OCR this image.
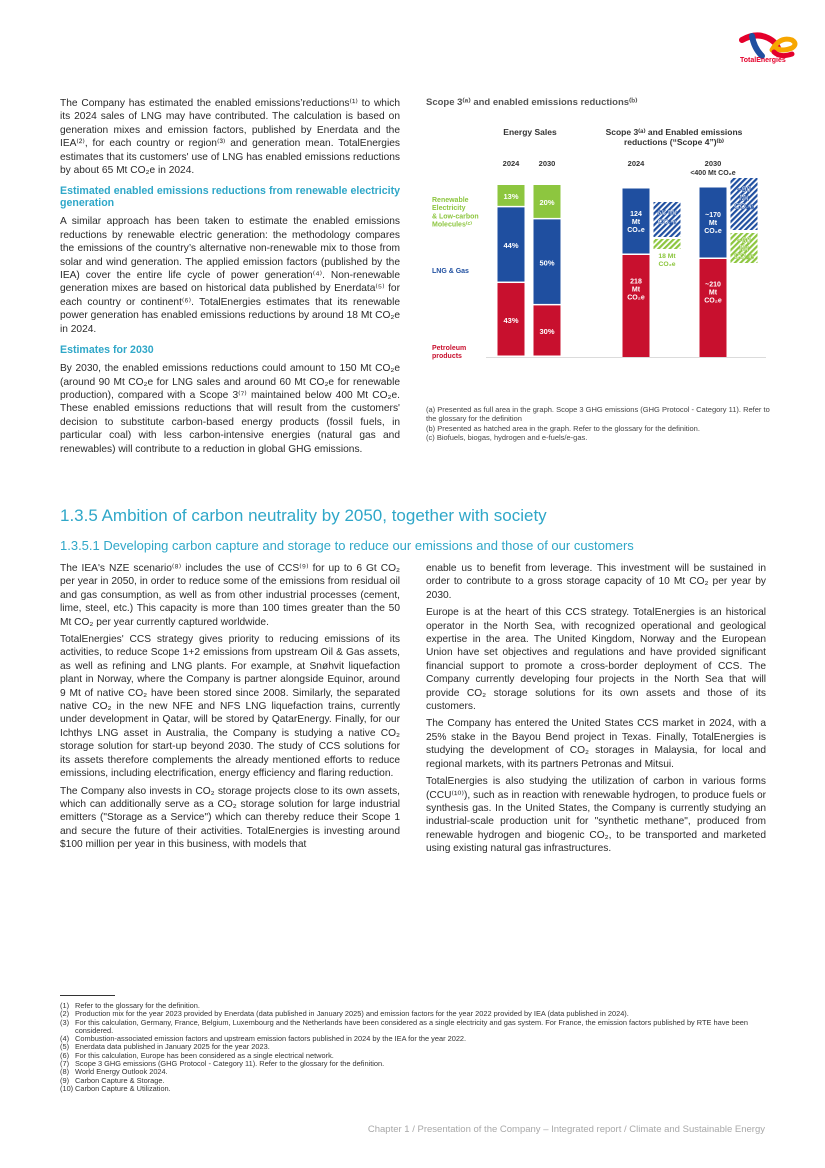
TotalEnergies

The Company has estimated the enabled emissions’reductions⁽¹⁾ to which its 2024 sales of LNG may have contributed. The calculation is based on generation mixes and emission factors, published by Enerdata and the IEA⁽²⁾, for each country or region⁽³⁾ and generation mean. TotalEnergies estimates that its customers' use of LNG has enabled emissions reductions by about 65 Mt CO₂e in 2024.

Estimated enabled emissions reductions from renewable electricity generation

A similar approach has been taken to estimate the enabled emissions reductions by renewable electric generation: the methodology compares the emissions of the country’s alternative non-renewable mix to those from solar and wind generation. The applied emission factors (published by the IEA) cover the entire life cycle of power generation⁽⁴⁾. Non-renewable generation mixes are based on historical data published by Enerdata⁽⁵⁾ for each country or continent⁽⁶⁾. TotalEnergies estimates that its renewable power generation has enabled emissions reductions by around 18 Mt CO₂e in 2024.

Estimates for 2030

By 2030, the enabled emissions reductions could amount to 150 Mt CO₂e (around 90 Mt CO₂e for LNG sales and around 60 Mt CO₂e for renewable production), compared with a Scope 3⁽⁷⁾ maintained below 400 Mt CO₂e. These enabled emissions reductions that will result from the customers' decision to substitute carbon-based energy products (fossil fuels, in particular coal) with less carbon-intensive energies (natural gas and renewables) will contribute to a reduction in global GHG emissions.

Scope 3⁽ᵃ⁾ and enabled emissions reductions⁽ᵇ⁾
Energy Sales	Scope 3⁽ᵃ⁾ and Enabled emissions reductions (“Scope 4”)⁽ᵇ⁾
2024	2030	2024	2030
<400 Mt CO₂e
Renewable Electricity & Low-carbon Molecules⁽ᶜ⁾
LNG & Gas
Petroleum products
43%
44%
13%
30%
50%
20%
218 Mt CO₂e
124 Mt CO₂e
65 Mt CO₂e
18 Mt CO₂e
~210 Mt CO₂e
~170 Mt CO₂e
~90 Mt CO₂e
~60 Mt CO₂e
(a) Presented as full area in the graph. Scope 3 GHG emissions (GHG Protocol - Category 11). Refer to the glossary for the definition
(b) Presented as hatched area in the graph. Refer to the glossary for the definition.
(c) Biofuels, biogas, hydrogen and e-fuels/e-gas.
1.3.5 Ambition of carbon neutrality by 2050, together with society
1.3.5.1 Developing carbon capture and storage to reduce our emissions and those of our customers

The IEA's NZE scenario⁽⁸⁾ includes the use of CCS⁽⁹⁾ for up to 6 Gt CO₂ per year in 2050, in order to reduce some of the emissions from residual oil and gas consumption, as well as from other industrial processes (cement, lime, steel, etc.) This capacity is more than 100 times greater than the 50 Mt CO₂ per year currently captured worldwide.

TotalEnergies' CCS strategy gives priority to reducing emissions of its activities, to reduce Scope 1+2 emissions from upstream Oil & Gas assets, as well as refining and LNG plants. For example, at Snøhvit liquefaction plant in Norway, where the Company is partner alongside Equinor, around 9 Mt of native CO₂ have been stored since 2008. Similarly, the separated native CO₂ in the new NFE and NFS LNG liquefaction trains, currently under development in Qatar, will be stored by QatarEnergy. Finally, for our Ichthys LNG asset in Australia, the Company is studying a native CO₂ storage solution for start-up beyond 2030. The study of CCS solutions for its assets therefore complements the already mentioned efforts to reduce emissions, including electrification, energy efficiency and flaring reduction.

The Company also invests in CO₂ storage projects close to its own assets, which can additionally serve as a CO₂ storage solution for large industrial emitters ("Storage as a Service") which can thereby reduce their Scope 1 and secure the future of their activities. TotalEnergies is investing around $100 million per year in this business, with models that

enable us to benefit from leverage. This investment will be sustained in order to contribute to a gross storage capacity of 10 Mt CO₂ per year by 2030.

Europe is at the heart of this CCS strategy. TotalEnergies is an historical operator in the North Sea, with recognized operational and geological expertise in the area. The United Kingdom, Norway and the European Union have set objectives and regulations and have provided significant financial support to promote a cross-border deployment of CCS. The Company currently developing four projects in the North Sea that will provide CO₂ storage solutions for its own assets and those of its customers.

The Company has entered the United States CCS market in 2024, with a 25% stake in the Bayou Bend project in Texas. Finally, TotalEnergies is studying the development of CO₂ storages in Malaysia, for local and regional markets, with its partners Petronas and Mitsui.

TotalEnergies is also studying the utilization of carbon in various forms (CCU⁽¹⁰⁾), such as in reaction with renewable hydrogen, to produce fuels or synthesis gas. In the United States, the Company is currently studying an industrial-scale production unit for "synthetic methane", produced from renewable hydrogen and biogenic CO₂, to be transported and marketed using existing natural gas infrastructures.

(1) Refer to the glossary for the definition.
(2) Production mix for the year 2023 provided by Enerdata (data published in January 2025) and emission factors for the year 2022 provided by IEA (data published in 2024).
(3) For this calculation, Germany, France, Belgium, Luxembourg and the Netherlands have been considered as a single electricity and gas system. For France, the emission factors published by RTE have been considered.
(4) Combustion-associated emission factors and upstream emission factors published in 2024 by the IEA for the year 2022.
(5) Enerdata data published in January 2025 for the year 2023.
(6) For this calculation, Europe has been considered as a single electrical network.
(7) Scope 3 GHG emissions (GHG Protocol - Category 11). Refer to the glossary for the definition.
(8) World Energy Outlook 2024.
(9) Carbon Capture & Storage.
(10) Carbon Capture & Utilization.
Chapter 1 / Presentation of the Company – Integrated report / Climate and Sustainable Energy
